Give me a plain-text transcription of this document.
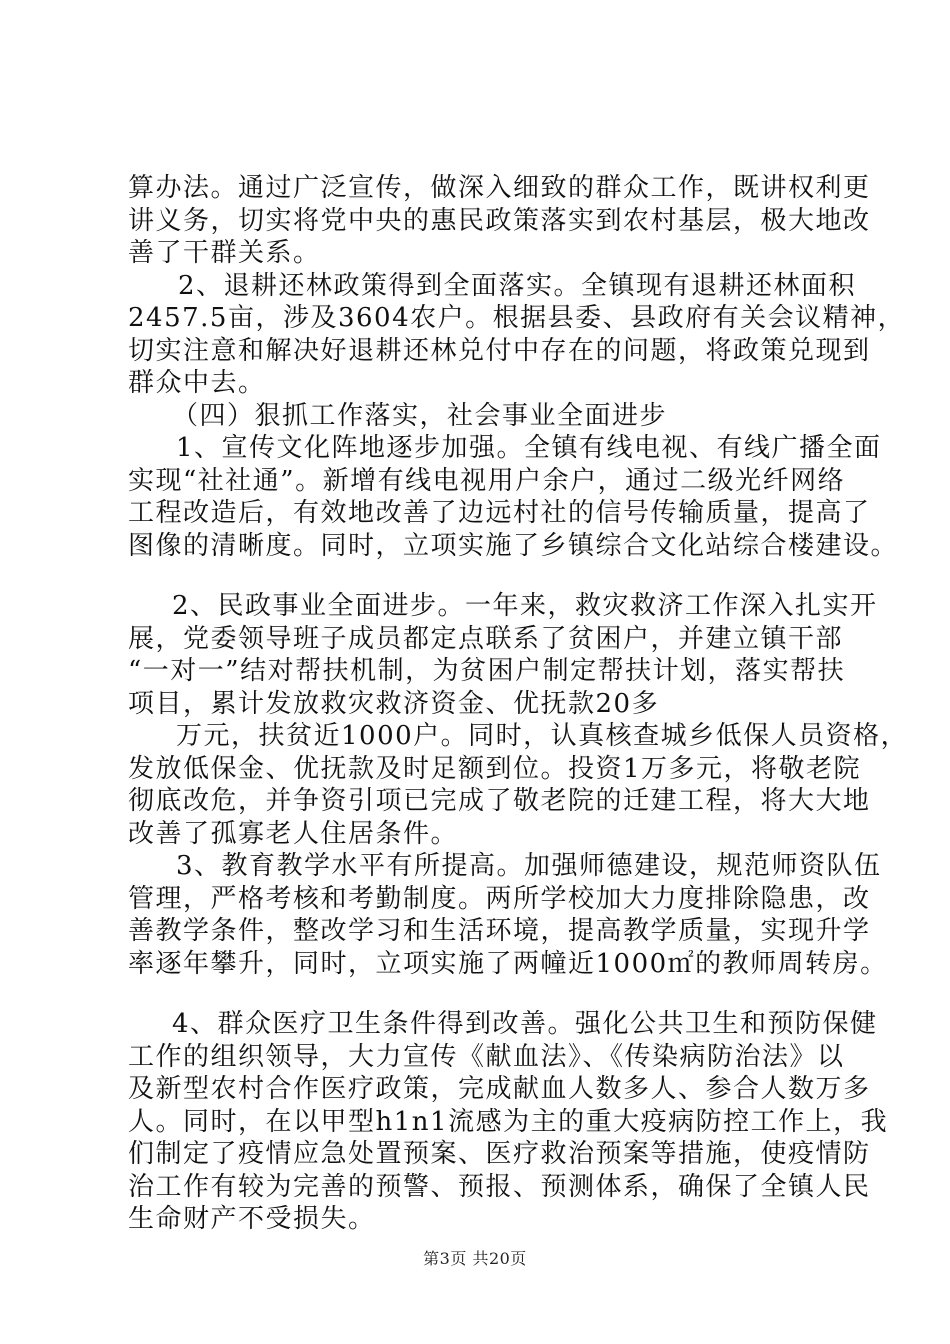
算办法。通过广泛宣传，做深入细致的群众工作，既讲权利更
讲义务，切实将党中央的惠民政策落实到农村基层，极大地改
善了干群关系。
2、退耕还林政策得到全面落实。全镇现有退耕还林面积
2457.5亩，涉及3604农户。根据县委、县政府有关会议精神，
切实注意和解决好退耕还林兑付中存在的问题，将政策兑现到
群众中去。
（四）狠抓工作落实，社会事业全面进步
1、宣传文化阵地逐步加强。全镇有线电视、有线广播全面
实现“社社通”。新增有线电视用户余户，通过二级光纤网络
工程改造后，有效地改善了边远村社的信号传输质量，提高了
图像的清晰度。同时，立项实施了乡镇综合文化站综合楼建设。
2、民政事业全面进步。一年来，救灾救济工作深入扎实开
展，党委领导班子成员都定点联系了贫困户，并建立镇干部
“一对一”结对帮扶机制，为贫困户制定帮扶计划，落实帮扶
项目，累计发放救灾救济资金、优抚款20多
万元，扶贫近1000户。同时，认真核查城乡低保人员资格，
发放低保金、优抚款及时足额到位。投资1万多元，将敬老院
彻底改危，并争资引项已完成了敬老院的迁建工程，将大大地
改善了孤寡老人住居条件。
3、教育教学水平有所提高。加强师德建设，规范师资队伍
管理，严格考核和考勤制度。两所学校加大力度排除隐患，改
善教学条件，整改学习和生活环境，提高教学质量，实现升学
率逐年攀升，同时，立项实施了两幢近1000㎡的教师周转房。
4、群众医疗卫生条件得到改善。强化公共卫生和预防保健
工作的组织领导，大力宣传《献血法》、《传染病防治法》以
及新型农村合作医疗政策，完成献血人数多人、参合人数万多
人。同时，在以甲型h1n1流感为主的重大疫病防控工作上，我
们制定了疫情应急处置预案、医疗救治预案等措施，使疫情防
治工作有较为完善的预警、预报、预测体系，确保了全镇人民
生命财产不受损失。
第3页 共20页
